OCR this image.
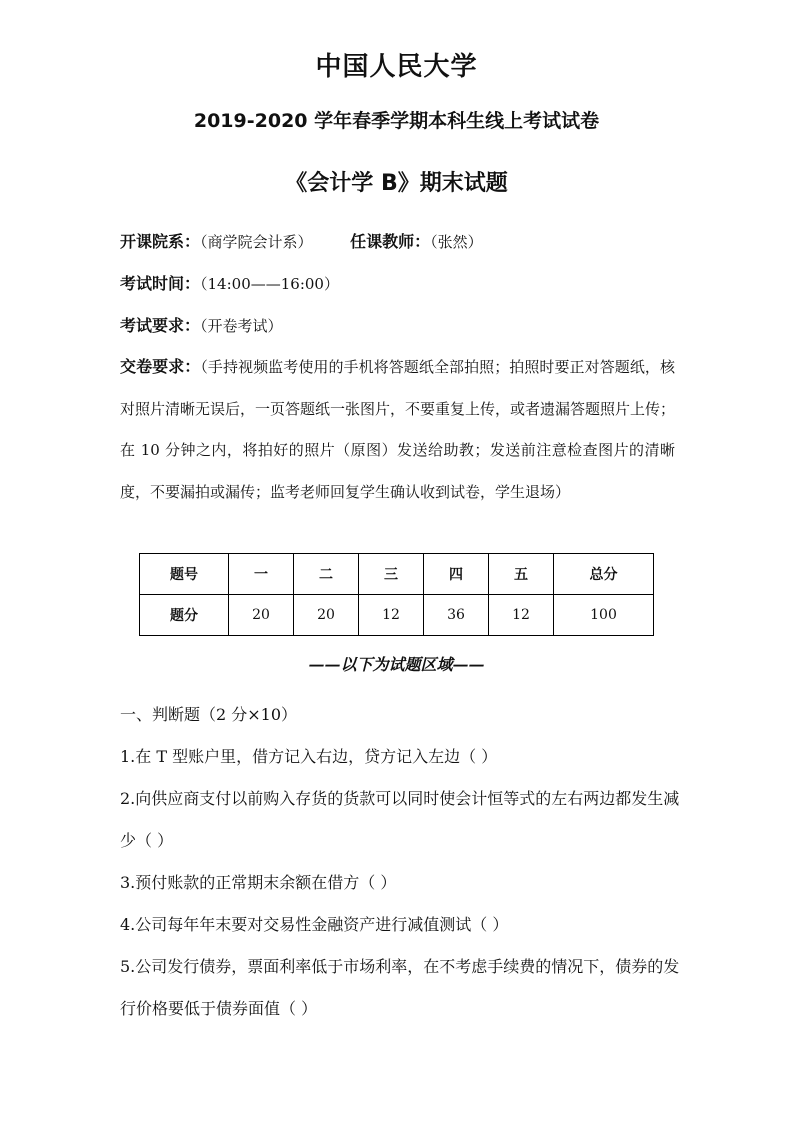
中国人民大学
2019-2020 学年春季学期本科生线上考试试卷
《会计学 B》期末试题
开课院系：（商学院会计系） 任课教师：（张然）
考试时间：（14:00——16:00）
考试要求：（开卷考试）
交卷要求：（手持视频监考使用的手机将答题纸全部拍照；拍照时要正对答题纸，核对照片清晰无误后，一页答题纸一张图片，不要重复上传，或者遗漏答题照片上传；在 10 分钟之内，将拍好的照片（原图）发送给助教；发送前注意检查图片的清晰度，不要漏拍或漏传；监考老师回复学生确认收到试卷，学生退场）
题号	一	二	三	四	五	总分
题分	20	20	12	36	12	100
——以下为试题区域——
一、判断题（2 分×10）
1.在 T 型账户里，借方记入右边，贷方记入左边（ ）
2.向供应商支付以前购入存货的货款可以同时使会计恒等式的左右两边都发生减少（ ）
3.预付账款的正常期末余额在借方（ ）
4.公司每年年末要对交易性金融资产进行减值测试（ ）
5.公司发行债券，票面利率低于市场利率，在不考虑手续费的情况下，债券的发行价格要低于债券面值（ ）
